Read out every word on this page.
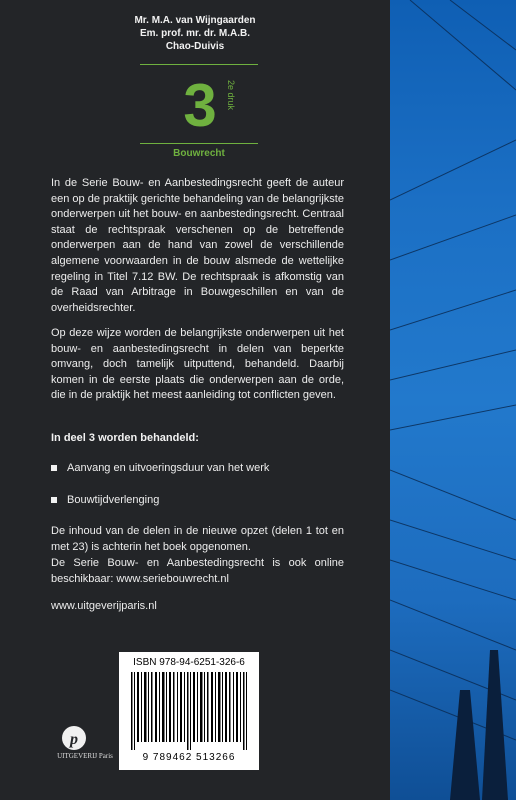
Mr. M.A. van Wijngaarden
Em. prof. mr. dr. M.A.B.
Chao-Duivis
3	2e druk
Bouwrecht
In de Serie Bouw- en Aanbestedingsrecht geeft de auteur een op de praktijk gerichte behandeling van de belangrijkste onderwerpen uit het bouw- en aanbestedingsrecht. Centraal staat de rechtspraak verschenen op de betreffende onderwerpen aan de hand van zowel de verschillende algemene voorwaarden in de bouw alsmede de wettelijke regeling in Titel 7.12 BW. De rechtspraak is afkomstig van de Raad van Arbitrage in Bouwgeschillen en van de overheidsrechter.
Op deze wijze worden de belangrijkste onderwerpen uit het bouw- en aanbestedingsrecht in delen van beperkte omvang, doch tamelijk uitputtend, behandeld. Daarbij komen in de eerste plaats die onderwerpen aan de orde, die in de praktijk het meest aanleiding tot conflicten geven.
In deel 3 worden behandeld:
Aanvang en uitvoeringsduur van het werk
Bouwtijdverlenging
De inhoud van de delen in de nieuwe opzet (delen 1 tot en met 23) is achterin het boek opgenomen.
De Serie Bouw- en Aanbestedingsrecht is ook online beschikbaar: www.seriebouwrecht.nl
www.uitgeverijparis.nl
ISBN 978-94-6251-326-6
9 789462 513266
p
UITGEVERIJ Paris
